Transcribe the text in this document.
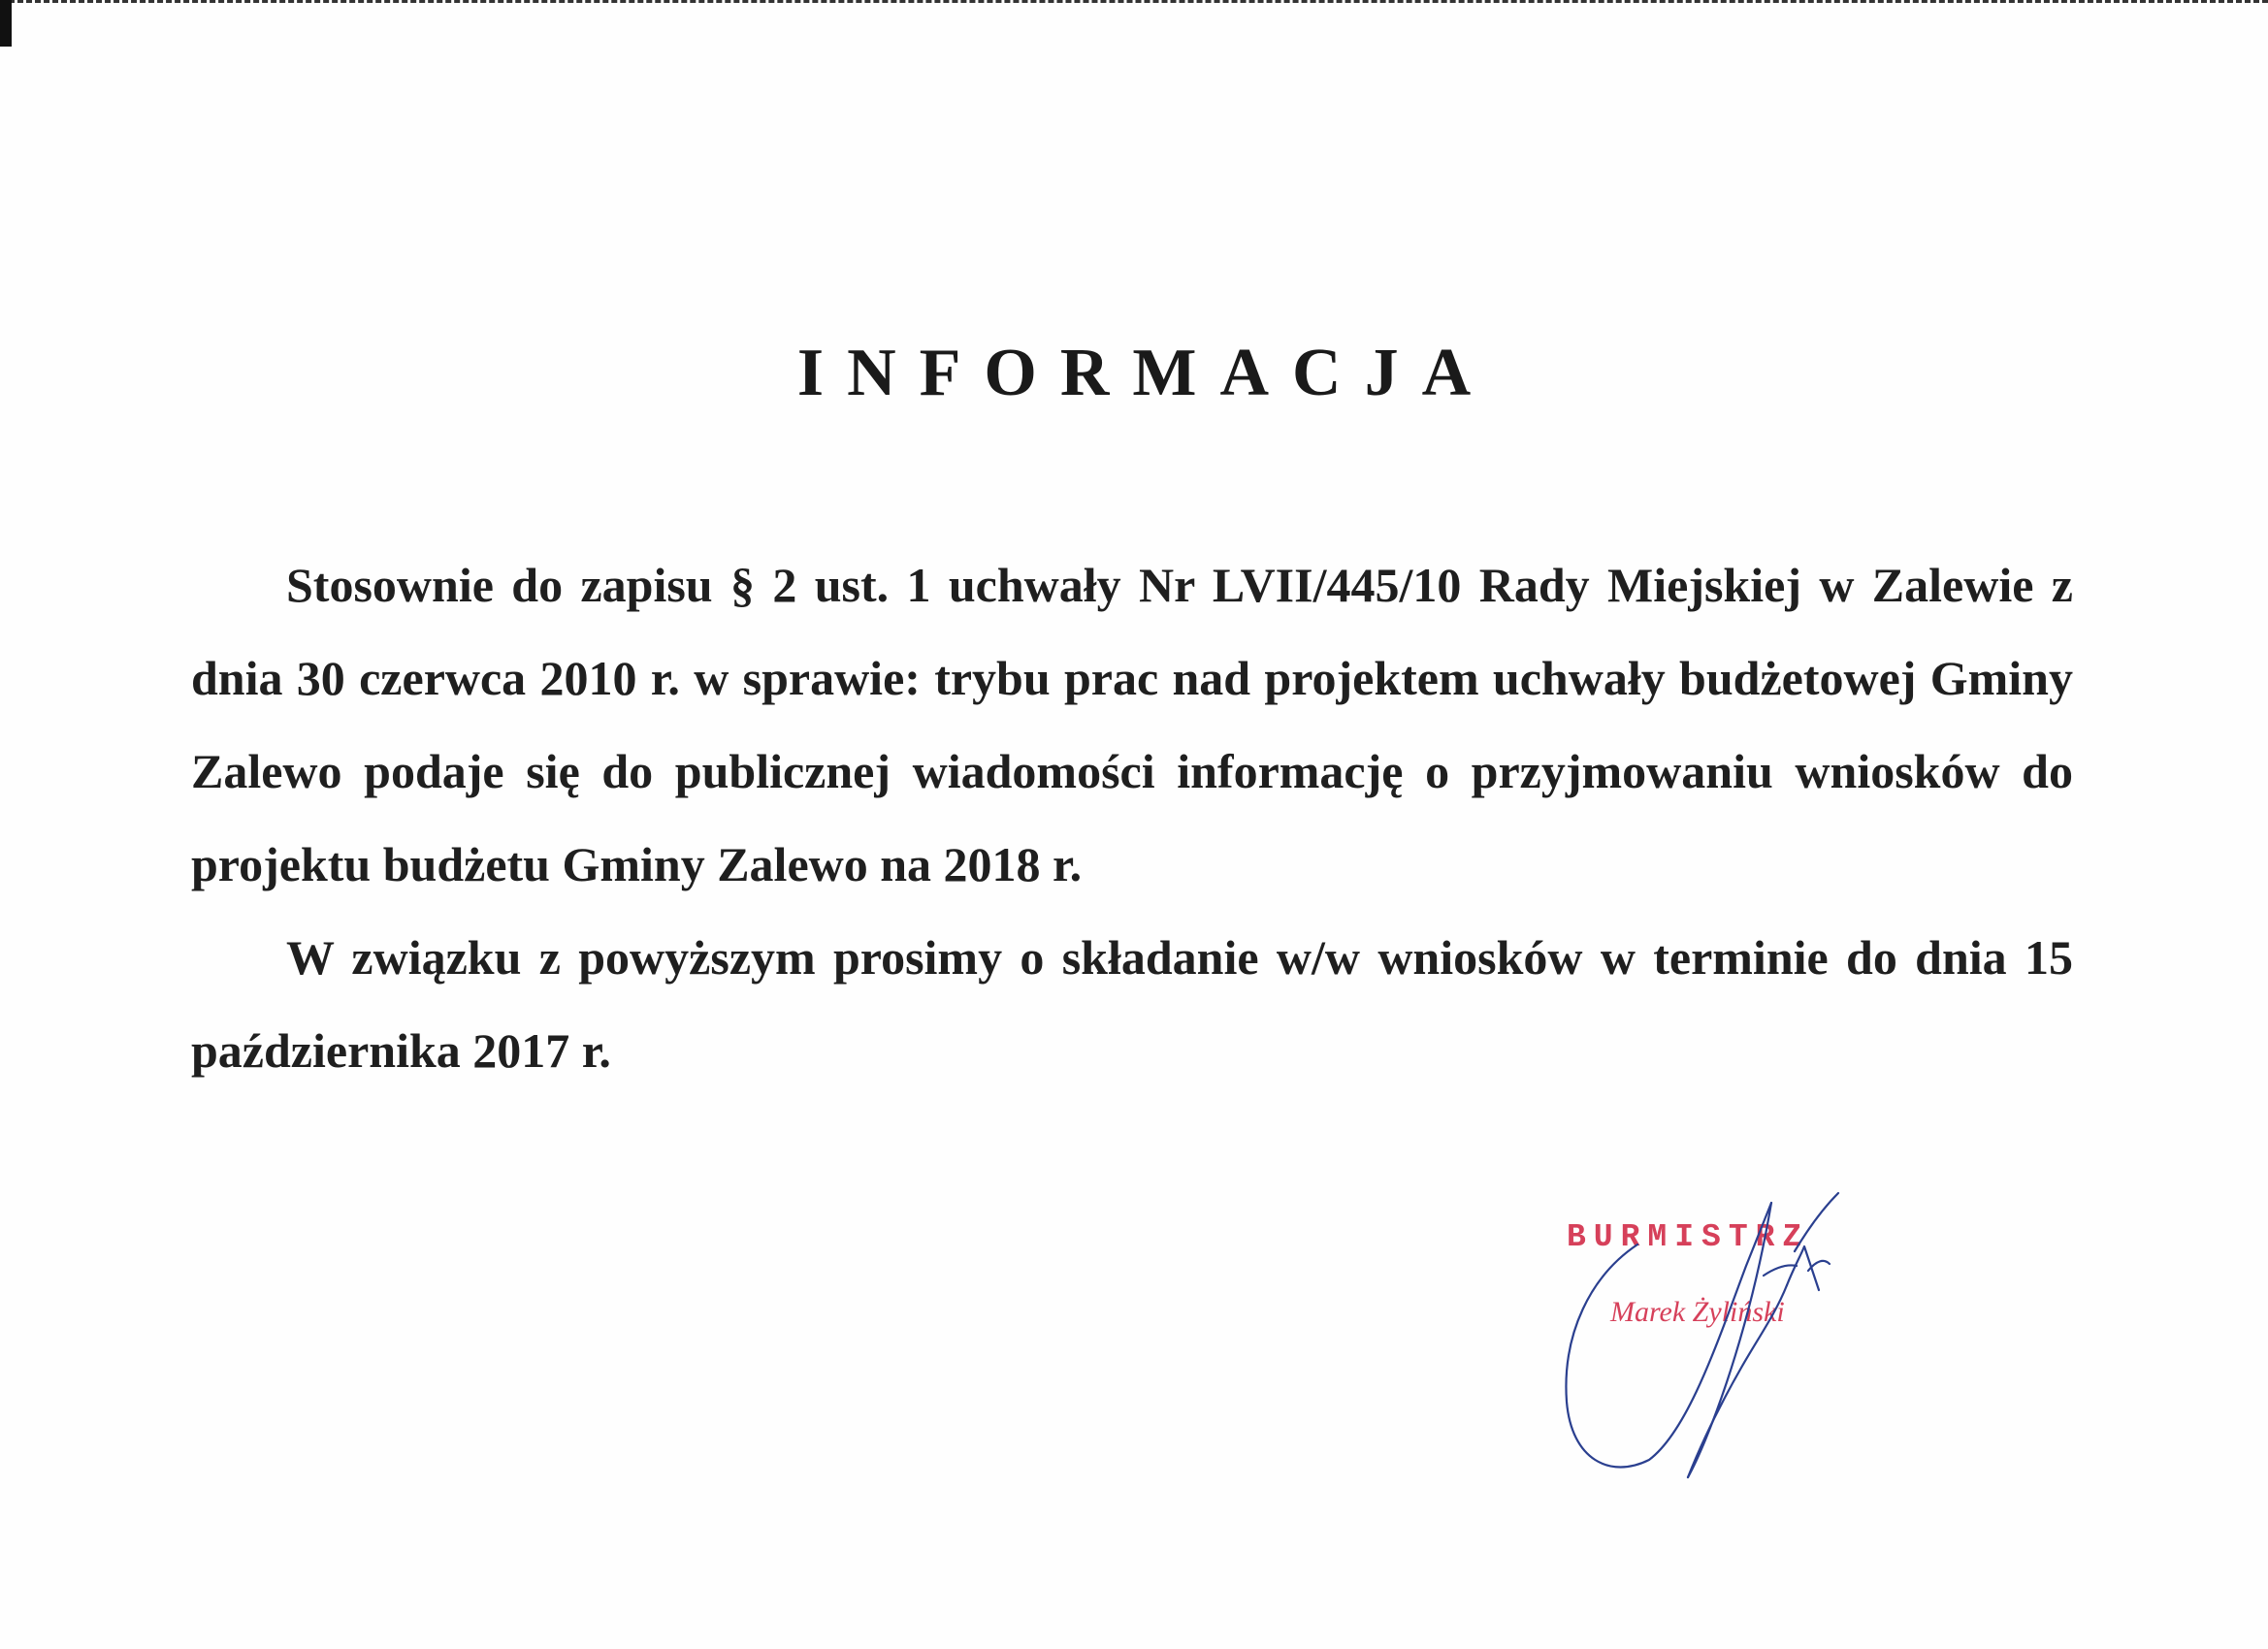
INFORMACJA

Stosownie do zapisu § 2 ust. 1 uchwały Nr LVII/445/10 Rady Miejskiej w Zalewie z dnia 30 czerwca 2010 r. w sprawie: trybu prac nad projektem uchwały budżetowej Gminy Zalewo podaje się do publicznej wiadomości informację o przyjmowaniu wniosków do projektu budżetu Gminy Zalewo na 2018 r.

W związku z powyższym prosimy o składanie w/w wniosków w terminie do dnia 15 października 2017 r.

BURMISTRZ
Marek Żyliński
